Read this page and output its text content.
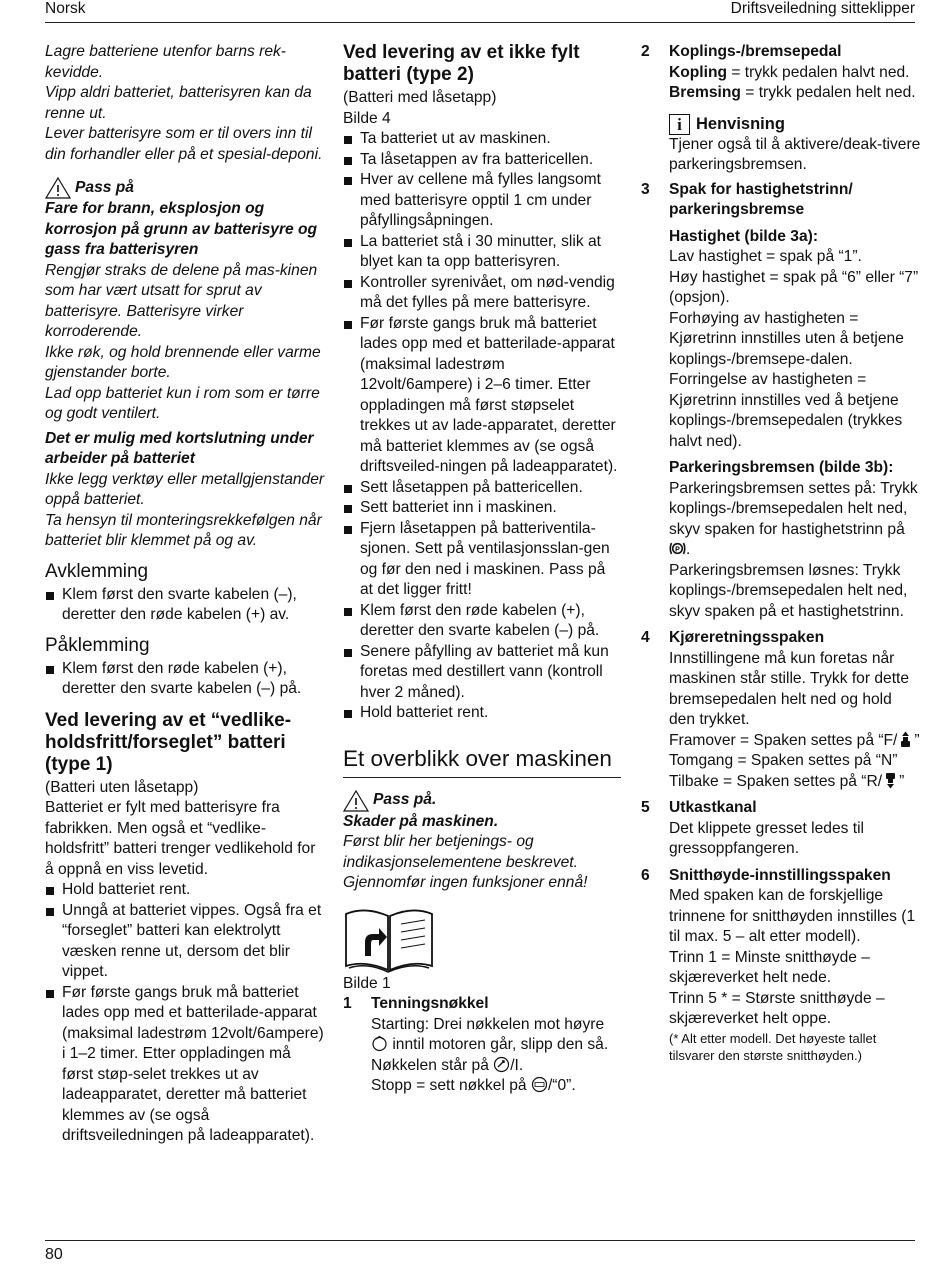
Norsk	Driftsveiledning sitteklipper

Lagre batteriene utenfor barns rek-kevidde.

Vipp aldri batteriet, batterisyren kan da renne ut.

Lever batterisyre som er til overs inn til din forhandler eller på et spesial-deponi.

Pass på

Fare for brann, eksplosjon og korrosjon på grunn av batterisyre og gass fra batterisyren

Rengjør straks de delene på mas-kinen som har vært utsatt for sprut av batterisyre. Batterisyre virker korroderende.

Ikke røk, og hold brennende eller varme gjenstander borte.

Lad opp batteriet kun i rom som er tørre og godt ventilert.

Det er mulig med kortslutning under arbeider på batteriet

Ikke legg verktøy eller metallgjenstander oppå batteriet.

Ta hensyn til monteringsrekkefølgen når batteriet blir klemmet på og av.

Avklemming
Klem først den svarte kabelen (–), deretter den røde kabelen (+) av.
Påklemming
Klem først den røde kabelen (+), deretter den svarte kabelen (–) på.
Ved levering av et “vedlike-holdsfritt/forseglet” batteri (type 1)

(Batteri uten låsetapp)

Batteriet er fylt med batterisyre fra fabrikken. Men også et “vedlike-holdsfritt” batteri trenger vedlikehold for å oppnå en viss levetid.

Hold batteriet rent.
Unngå at batteriet vippes. Også fra et “forseglet” batteri kan elektrolytt væsken renne ut, dersom det blir vippet.
Før første gangs bruk må batteriet lades opp med et batterilade-apparat (maksimal ladestrøm 12volt/6ampere) i 1–2 timer. Etter oppladingen må først støp-selet trekkes ut av ladeapparatet, deretter må batteriet klemmes av (se også driftsveiledningen på ladeapparatet).
Ved levering av et ikke fylt batteri (type 2)

(Batteri med låsetapp)

Bilde 4

Ta batteriet ut av maskinen.
Ta låsetappen av fra battericellen.
Hver av cellene må fylles langsomt med batterisyre opptil 1 cm under påfyllingsåpningen.
La batteriet stå i 30 minutter, slik at blyet kan ta opp batterisyren.
Kontroller syrenivået, om nød-vendig må det fylles på mere batterisyre.
Før første gangs bruk må batteriet lades opp med et batterilade-apparat (maksimal ladestrøm 12volt/6ampere) i 2–6 timer. Etter oppladingen må først støpselet trekkes ut av lade-apparatet, deretter må batteriet klemmes av (se også driftsveiled-ningen på ladeapparatet).
Sett låsetappen på battericellen.
Sett batteriet inn i maskinen.
Fjern låsetappen på batteriventila-sjonen. Sett på ventilasjonsslan-gen og før den ned i maskinen. Pass på at det ligger fritt!
Klem først den røde kabelen (+), deretter den svarte kabelen (–) på.
Senere påfylling av batteriet må kun foretas med destillert vann (kontroll hver 2 måned).
Hold batteriet rent.
Et overblikk over maskinen
Pass på.

Skader på maskinen.

Først blir her betjenings- og indikasjonselementene beskrevet. Gjennomfør ingen funksjoner ennå!

Bilde 1

1	Tenningsnøkkel

Starting: Drei nøkkelen mot høyre  inntil motoren går, slipp den så. Nøkkelen står på /I.
Stopp = sett nøkkel på /“0”.

2	Koplings-/bremsepedal

Kopling = trykk pedalen halvt ned.

Bremsing = trykk pedalen helt ned.

i Henvisning

Tjener også til å aktivere/deak-tivere parkeringsbremsen.

3	Spak for hastighetstrinn/ parkeringsbremse

Hastighet (bilde 3a):

Lav hastighet = spak på “1”.

Høy hastighet = spak på “6” eller “7” (opsjon).

Forhøying av hastigheten = Kjøretrinn innstilles uten å betjene koplings-/bremsepe-dalen.

Forringelse av hastigheten = Kjøretrinn innstilles ved å betjene koplings-/bremsepedalen (trykkes halvt ned).

Parkeringsbremsen (bilde 3b):

Parkeringsbremsen settes på: Trykk koplings-/bremsepedalen helt ned, skyv spaken for hastighetstrinn på
P .

Parkeringsbremsen løsnes: Trykk koplings-/bremsepedalen helt ned, skyv spaken på et hastighetstrinn.

4	Kjøreretningsspaken

Innstillingene må kun foretas når maskinen står stille. Trykk for dette bremsepedalen helt ned og hold den trykket.

Framover = Spaken settes på “F/ ”

Tomgang = Spaken settes på “N”

Tilbake = Spaken settes på “R/ ”

5	Utkastkanal

Det klippete gresset ledes til gressoppfangeren.

6	Snitthøyde-innstillingsspaken

Med spaken kan de forskjellige trinnene for snitthøyden innstilles (1 til max. 5 – alt etter modell).

Trinn 1 = Minste snitthøyde – skjæreverket helt nede.

Trinn 5 * = Største snitthøyde – skjæreverket helt oppe.

(* Alt etter modell. Det høyeste tallet tilsvarer den største snitthøyden.)

80
